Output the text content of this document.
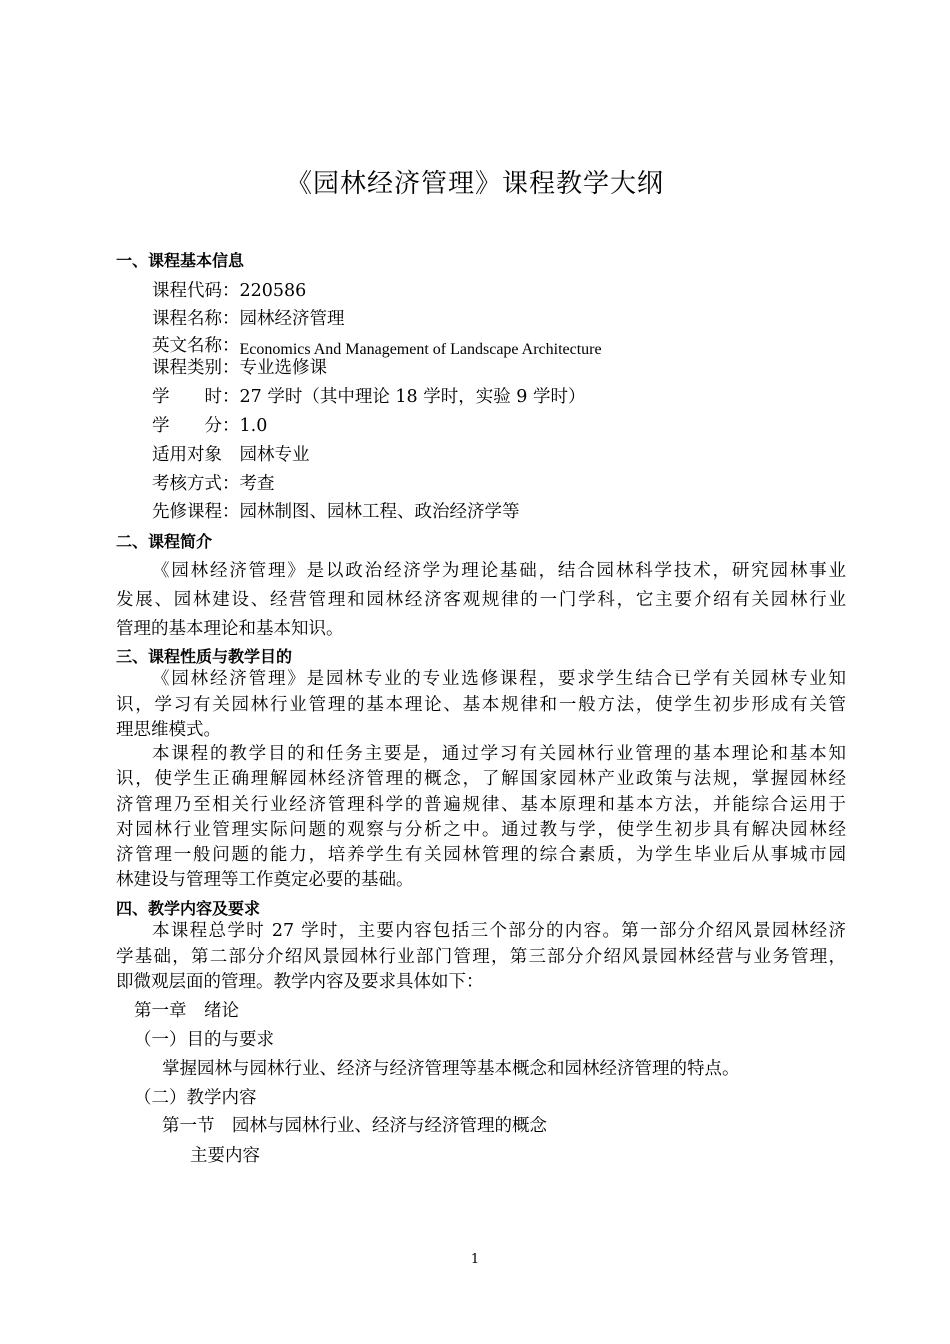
《园林经济管理》课程教学大纲
一、课程基本信息
课程代码：220586
课程名称：园林经济管理
英文名称：Economics And Management of Landscape Architecture
课程类别：专业选修课
学　　时：27 学时（其中理论 18 学时，实验 9 学时）
学　　分：1.0
适用对象　园林专业
考核方式：考查
先修课程：园林制图、园林工程、政治经济学等
二、课程简介
《园林经济管理》是以政治经济学为理论基础，结合园林科学技术，研究园林事业
发展、园林建设、经营管理和园林经济客观规律的一门学科，它主要介绍有关园林行业
管理的基本理论和基本知识。
三、课程性质与教学目的
《园林经济管理》是园林专业的专业选修课程，要求学生结合已学有关园林专业知
识，学习有关园林行业管理的基本理论、基本规律和一般方法，使学生初步形成有关管
理思维模式。
本课程的教学目的和任务主要是，通过学习有关园林行业管理的基本理论和基本知
识，使学生正确理解园林经济管理的概念，了解国家园林产业政策与法规，掌握园林经
济管理乃至相关行业经济管理科学的普遍规律、基本原理和基本方法，并能综合运用于
对园林行业管理实际问题的观察与分析之中。通过教与学，使学生初步具有解决园林经
济管理一般问题的能力，培养学生有关园林管理的综合素质，为学生毕业后从事城市园
林建设与管理等工作奠定必要的基础。
四、教学内容及要求
本课程总学时 27 学时，主要内容包括三个部分的内容。第一部分介绍风景园林经济
学基础，第二部分介绍风景园林行业部门管理，第三部分介绍风景园林经营与业务管理，
即微观层面的管理。教学内容及要求具体如下：
第一章　绪论
（一）目的与要求
掌握园林与园林行业、经济与经济管理等基本概念和园林经济管理的特点。
（二）教学内容
第一节　园林与园林行业、经济与经济管理的概念
主要内容
1
